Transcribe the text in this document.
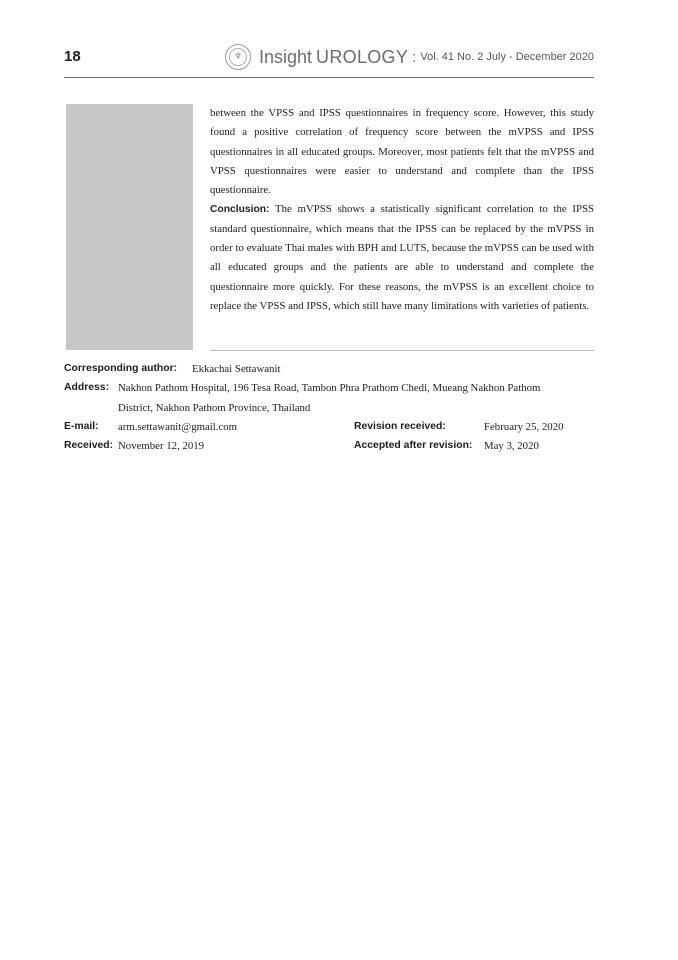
18	♆ Insight UROLOGY : Vol. 41 No. 2 July - December 2020

between the VPSS and IPSS questionnaires in frequency score. However, this study found a positive correlation of frequency score between the mVPSS and IPSS questionnaires in all educated groups. Moreover, most patients felt that the mVPSS and VPSS questionnaires were easier to understand and complete than the IPSS questionnaire.

Conclusion: The mVPSS shows a statistically significant correlation to the IPSS standard questionnaire, which means that the IPSS can be replaced by the mVPSS in order to evaluate Thai males with BPH and LUTS, because the mVPSS can be used with all educated groups and the patients are able to understand and complete the questionnaire more quickly. For these reasons, the mVPSS is an excellent choice to replace the VPSS and IPSS, which still have many limitations with varieties of patients.

Corresponding author: Ekkachai Settawanit
Address: Nakhon Pathom Hospital, 196 Tesa Road, Tambon Phra Prathom Chedi, Mueang Nakhon Pathom
District, Nakhon Pathom Province, Thailand
E-mail: arm.settawanit@gmail.com	Revision received:	February 25, 2020
Received: November 12, 2019	Accepted after revision: May 3, 2020
